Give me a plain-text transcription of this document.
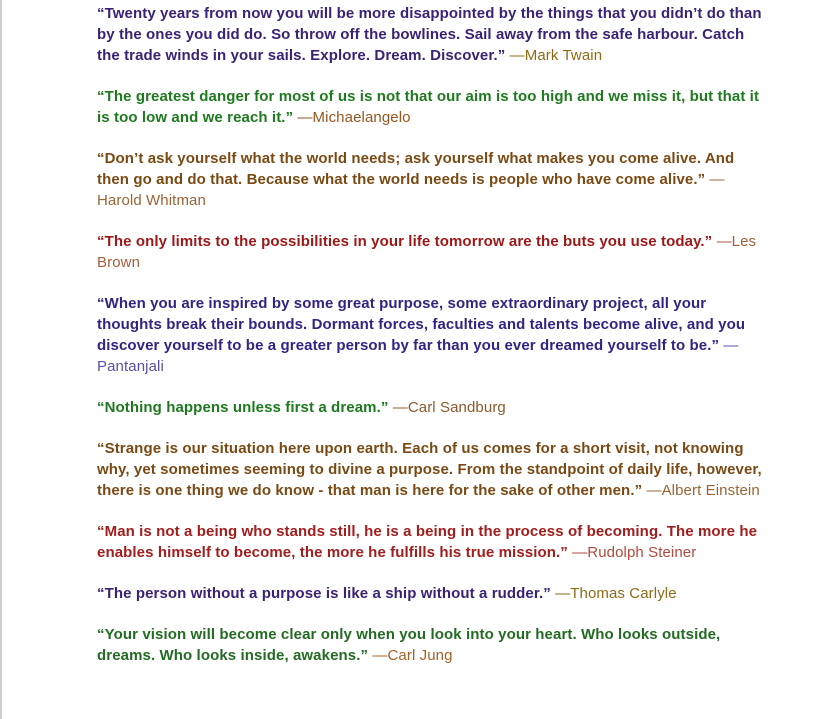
“Twenty years from now you will be more disappointed by the things that you didn’t do than by the ones you did do. So throw off the bowlines. Sail away from the safe harbour. Catch the trade winds in your sails. Explore. Dream. Discover.” —Mark Twain

“The greatest danger for most of us is not that our aim is too high and we miss it, but that it is too low and we reach it.” —Michaelangelo

“Don’t ask yourself what the world needs; ask yourself what makes you come alive. And then go and do that. Because what the world needs is people who have come alive.” —Harold Whitman

“The only limits to the possibilities in your life tomorrow are the buts you use today.” —Les Brown

“When you are inspired by some great purpose, some extraordinary project, all your thoughts break their bounds. Dormant forces, faculties and talents become alive, and you discover yourself to be a greater person by far than you ever dreamed yourself to be.” —Pantanjali

“Nothing happens unless first a dream.” —Carl Sandburg

“Strange is our situation here upon earth. Each of us comes for a short visit, not knowing why, yet sometimes seeming to divine a purpose. From the standpoint of daily life, however, there is one thing we do know - that man is here for the sake of other men.” —Albert Einstein

“Man is not a being who stands still, he is a being in the process of becoming. The more he enables himself to become, the more he fulfills his true mission.” —Rudolph Steiner

“The person without a purpose is like a ship without a rudder.” —Thomas Carlyle

“Your vision will become clear only when you look into your heart. Who looks outside, dreams. Who looks inside, awakens.” —Carl Jung
